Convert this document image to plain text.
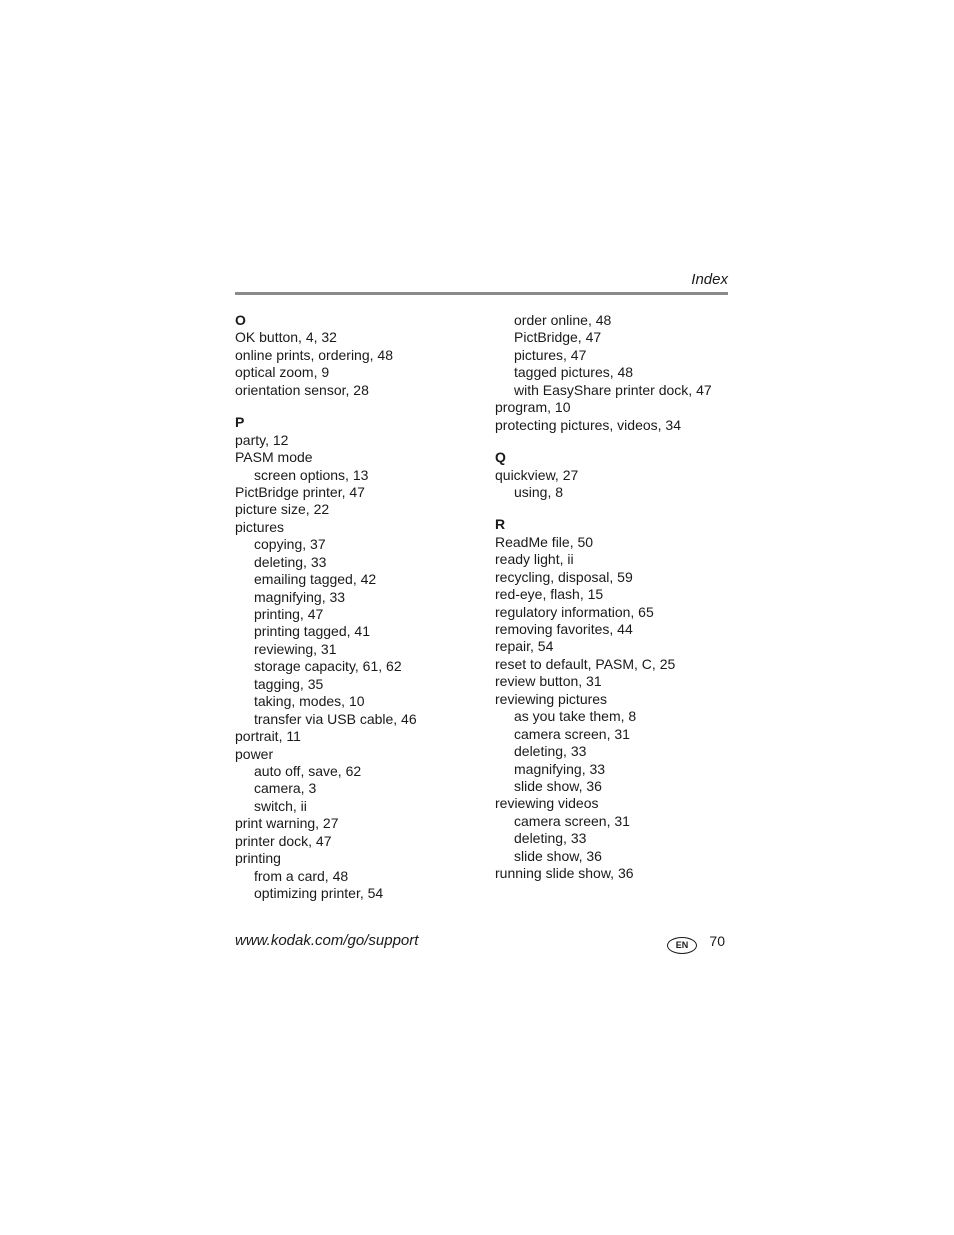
Index
O
OK button, 4, 32
online prints, ordering, 48
optical zoom, 9
orientation sensor, 28
P
party, 12
PASM mode
screen options, 13
PictBridge printer, 47
picture size, 22
pictures
copying, 37
deleting, 33
emailing tagged, 42
magnifying, 33
printing, 47
printing tagged, 41
reviewing, 31
storage capacity, 61, 62
tagging, 35
taking, modes, 10
transfer via USB cable, 46
portrait, 11
power
auto off, save, 62
camera, 3
switch, ii
print warning, 27
printer dock, 47
printing
from a card, 48
optimizing printer, 54
order online, 48
PictBridge, 47
pictures, 47
tagged pictures, 48
with EasyShare printer dock, 47
program, 10
protecting pictures, videos, 34
Q
quickview, 27
using, 8
R
ReadMe file, 50
ready light, ii
recycling, disposal, 59
red-eye, flash, 15
regulatory information, 65
removing favorites, 44
repair, 54
reset to default, PASM, C, 25
review button, 31
reviewing pictures
as you take them, 8
camera screen, 31
deleting, 33
magnifying, 33
slide show, 36
reviewing videos
camera screen, 31
deleting, 33
slide show, 36
running slide show, 36
www.kodak.com/go/support	EN	70
